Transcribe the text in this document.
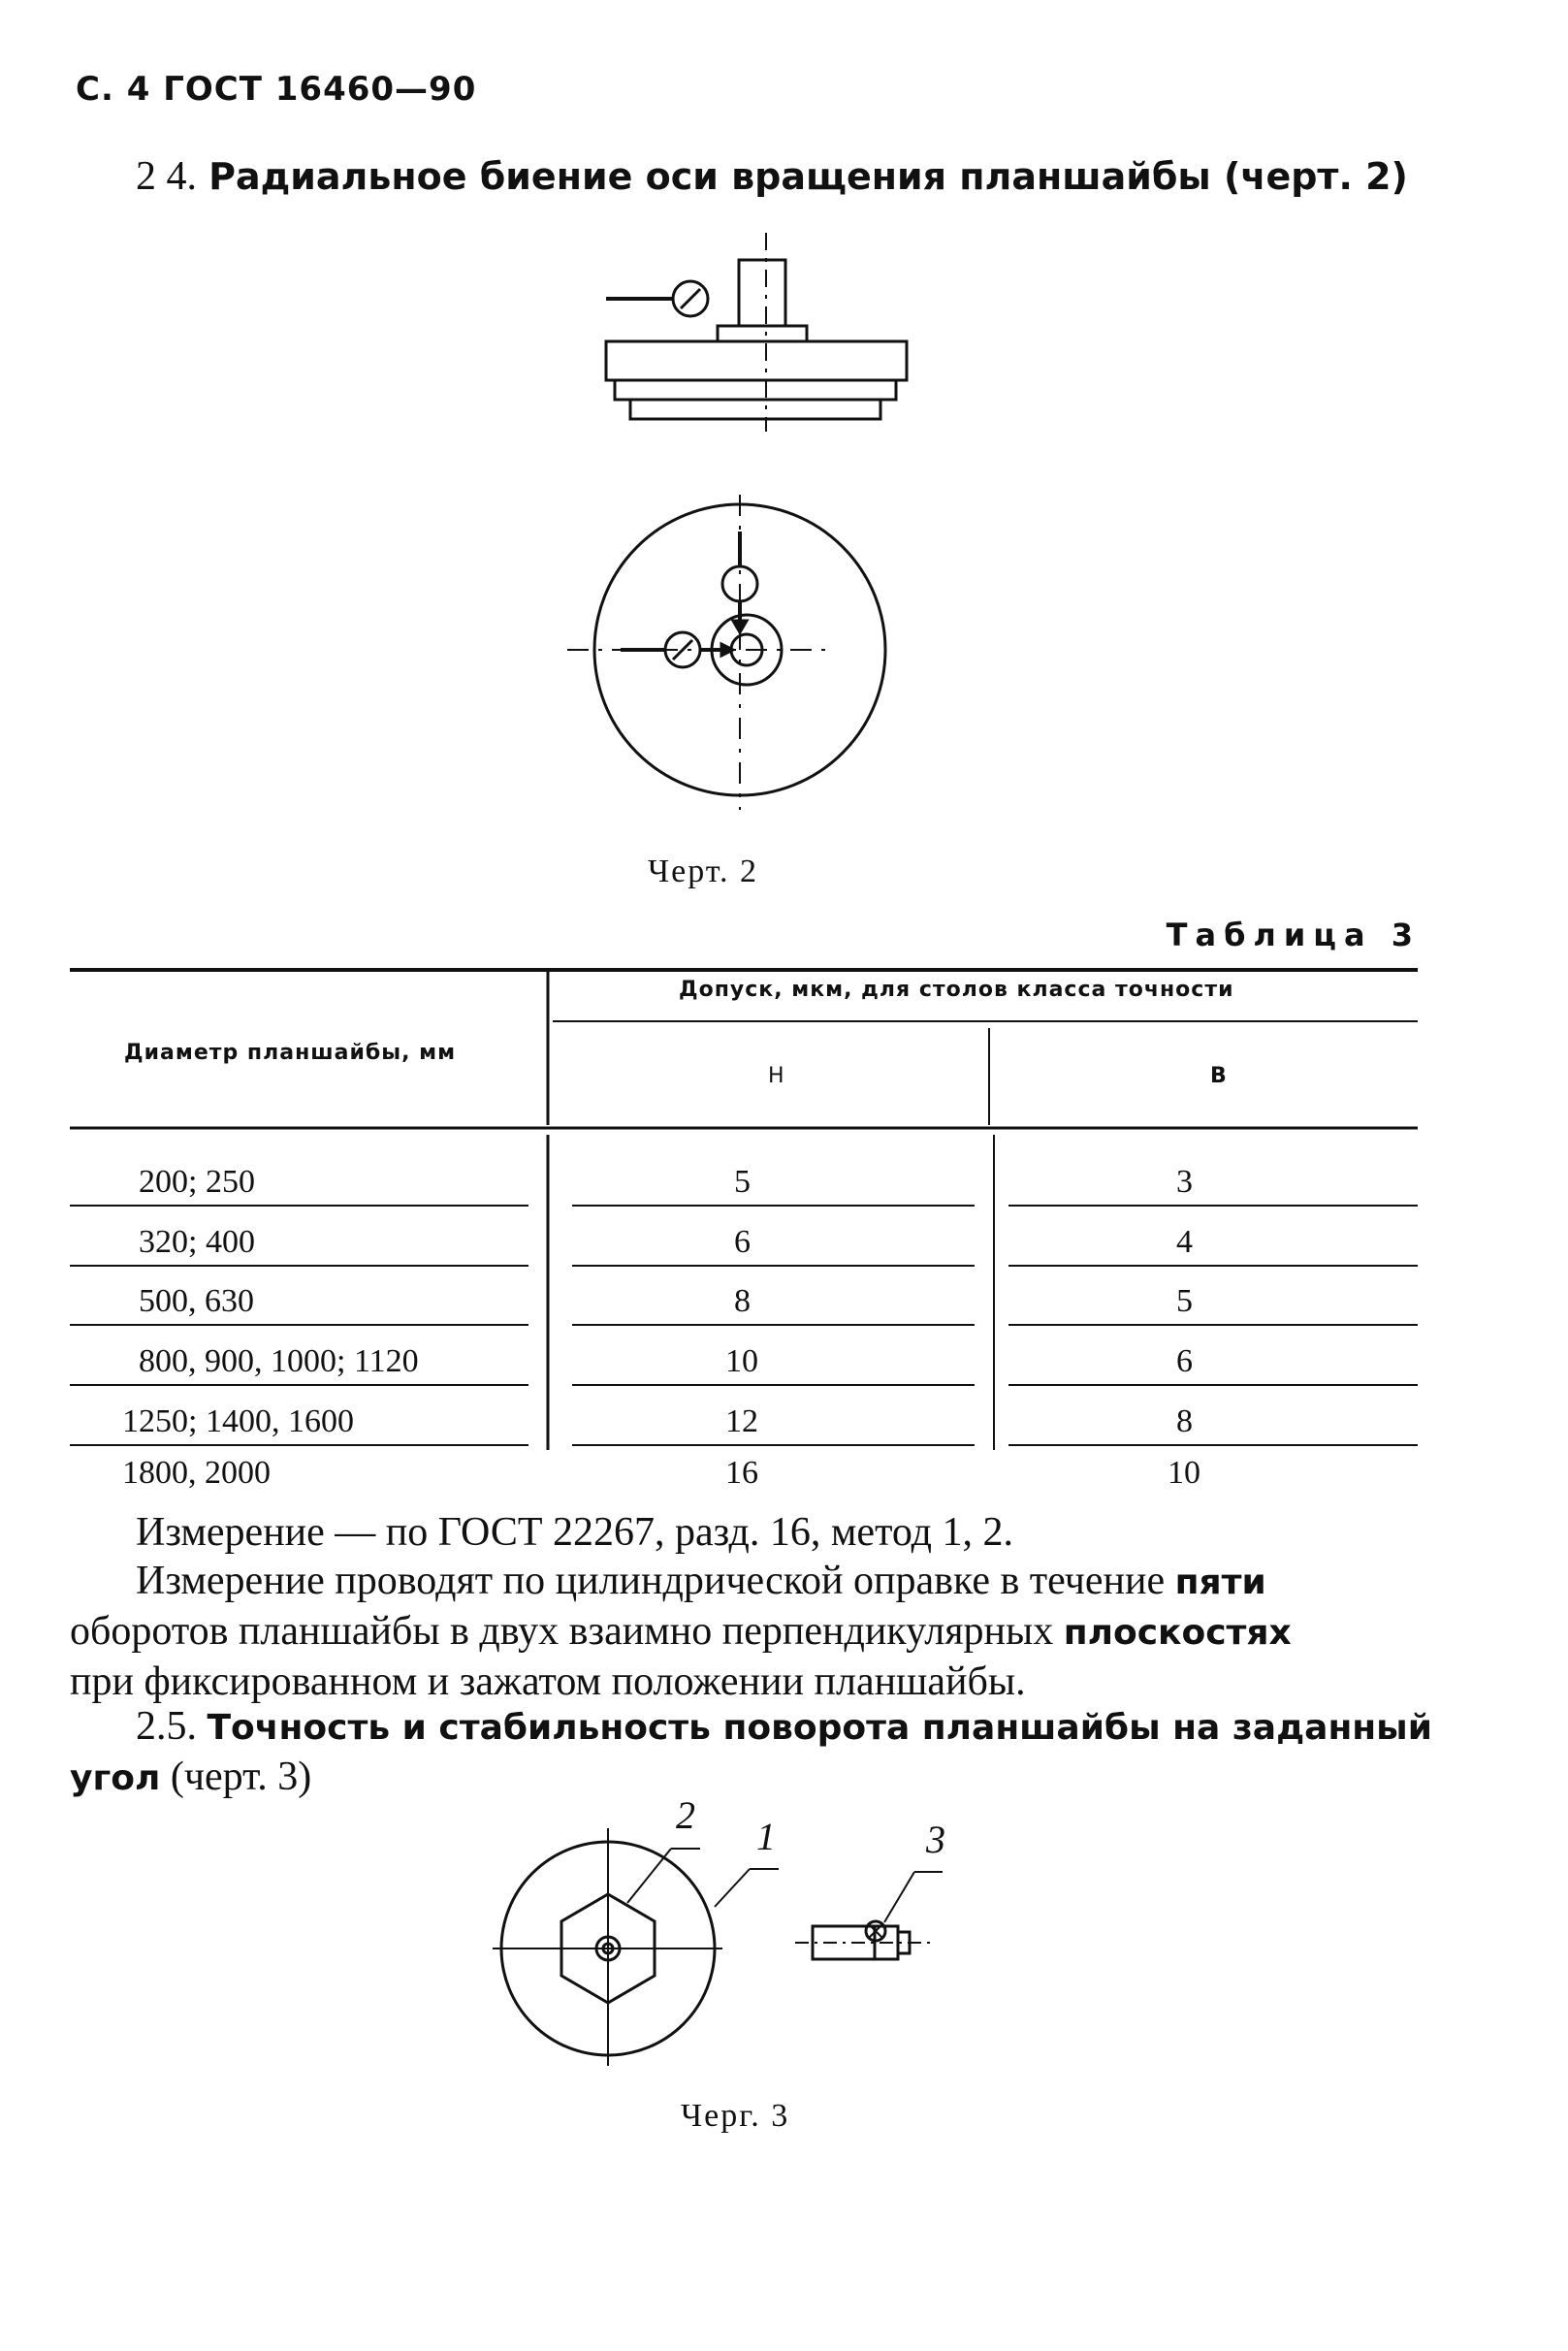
С. 4 ГОСТ 16460—90
2 4. Радиальное биение оси вращения планшайбы (черт. 2)
Черт. 2
Таблица 3
Диаметр планшайбы, мм
Допуск, мкм, для столов класса точности
Н	В
200; 250	5	3
320; 400	6	4
500, 630	8	5
800, 900, 1000; 1120	10	6
1250; 1400, 1600	12	8
1800, 2000	16	10
Измерение — по ГОСТ 22267, разд. 16, метод 1, 2.
Измерение проводят по цилиндрической оправке в течение пяти
оборотов планшайбы в двух взаимно перпендикулярных плоскостях
при фиксированном и зажатом положении планшайбы.
2.5. Точность и стабильность поворота планшайбы на заданный
угол (черт. 3)
2 1	3
Черг. 3
